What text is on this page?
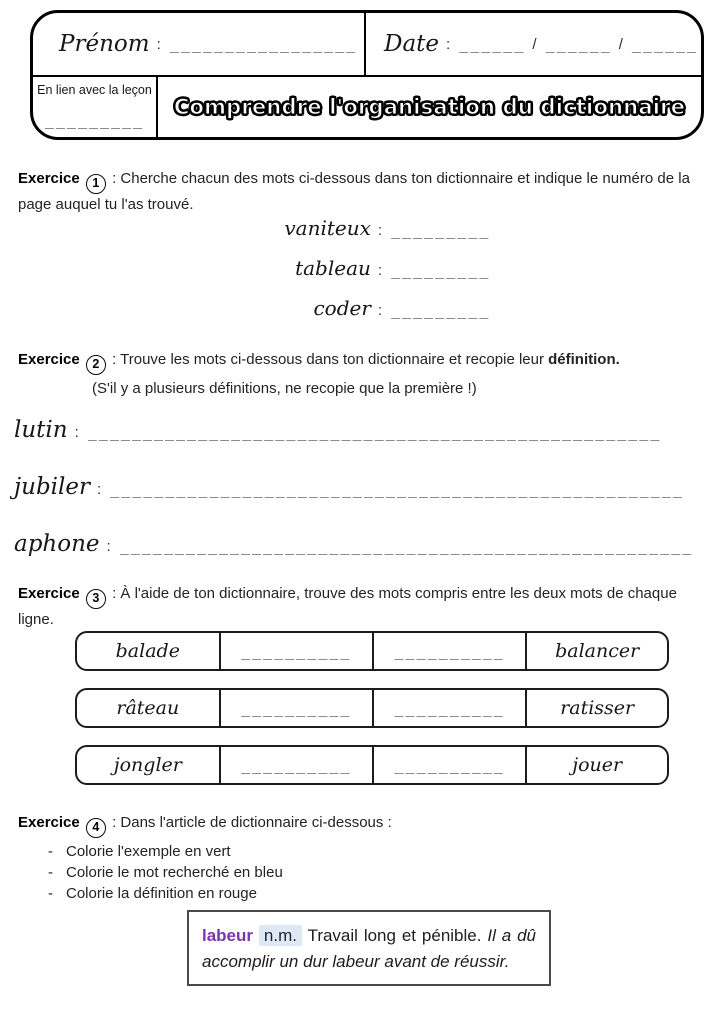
Prénom : _________________ Date : ______ / ______ / ______
En lien avec la leçon
_________
Comprendre l'organisation du dictionnaire
Exercice 1 : Cherche chacun des mots ci-dessous dans ton dictionnaire et indique le numéro de la page auquel tu l'as trouvé.
vaniteux : _________
tableau : _________
coder : _________
Exercice 2 : Trouve les mots ci-dessous dans ton dictionnaire et recopie leur définition.
(S'il y a plusieurs définitions, ne recopie que la première !)
lutin : ____________________________________________________
jubiler : ____________________________________________________
aphone : ____________________________________________________
Exercice 3 : À l'aide de ton dictionnaire, trouve des mots compris entre les deux mots de chaque ligne.
balade	__________	__________	balancer
râteau	__________	__________	ratisser
jongler	__________	__________	jouer
Exercice 4 : Dans l'article de dictionnaire ci-dessous :
- Colorie l'exemple en vert
- Colorie le mot recherché en bleu
- Colorie la définition en rouge
labeur n.m. Travail long et pénible. Il a dû accomplir un dur labeur avant de réussir.
